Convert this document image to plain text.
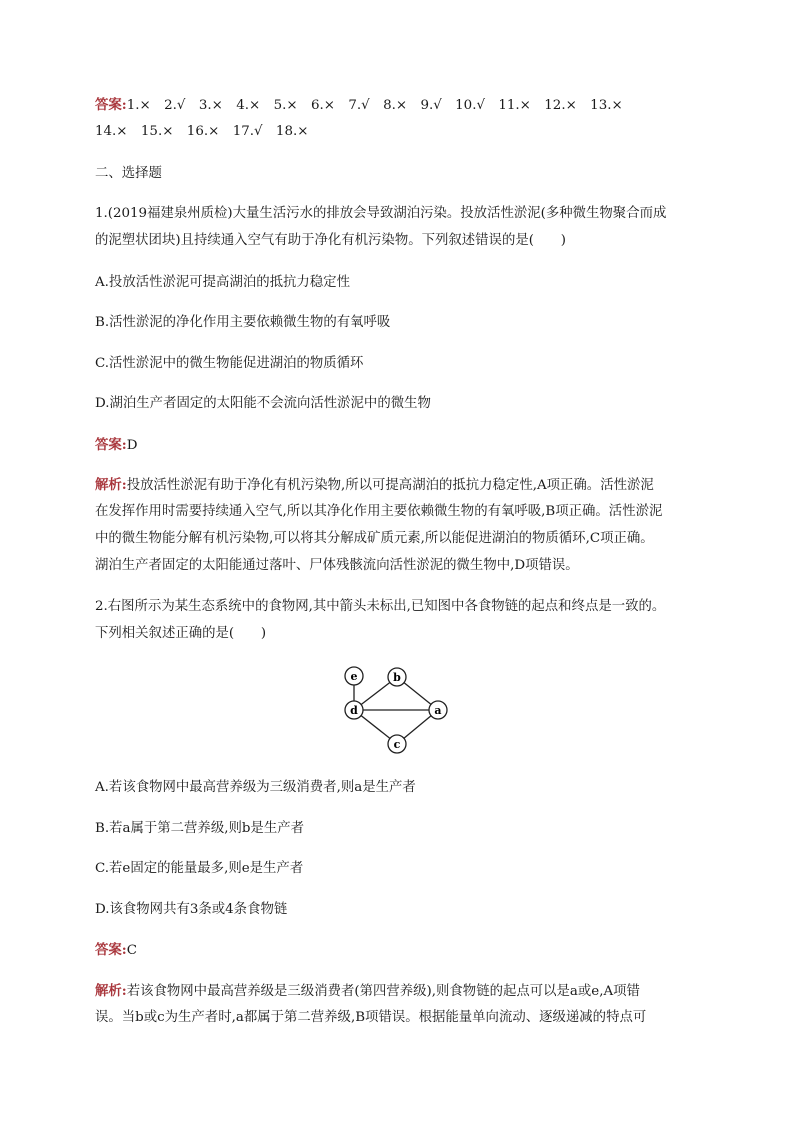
答案:1.×　2.√　3.×　4.×　5.×　6.×　7.√　8.×　9.√　10.√　11.×　12.×　13.×
14.×　15.×　16.×　17.√　18.×
二、选择题
1.(2019福建泉州质检)大量生活污水的排放会导致湖泊污染。投放活性淤泥(多种微生物聚合而成
的泥塑状团块)且持续通入空气有助于净化有机污染物。下列叙述错误的是(　　)
A.投放活性淤泥可提高湖泊的抵抗力稳定性
B.活性淤泥的净化作用主要依赖微生物的有氧呼吸
C.活性淤泥中的微生物能促进湖泊的物质循环
D.湖泊生产者固定的太阳能不会流向活性淤泥中的微生物
答案:D
解析:投放活性淤泥有助于净化有机污染物,所以可提高湖泊的抵抗力稳定性,A项正确。活性淤泥
在发挥作用时需要持续通入空气,所以其净化作用主要依赖微生物的有氧呼吸,B项正确。活性淤泥
中的微生物能分解有机污染物,可以将其分解成矿质元素,所以能促进湖泊的物质循环,C项正确。
湖泊生产者固定的太阳能通过落叶、尸体残骸流向活性淤泥的微生物中,D项错误。
2.右图所示为某生态系统中的食物网,其中箭头未标出,已知图中各食物链的起点和终点是一致的。
下列相关叙述正确的是(　　)
e	b
d	a
c
A.若该食物网中最高营养级为三级消费者,则a是生产者
B.若a属于第二营养级,则b是生产者
C.若e固定的能量最多,则e是生产者
D.该食物网共有3条或4条食物链
答案:C
解析:若该食物网中最高营养级是三级消费者(第四营养级),则食物链的起点可以是a或e,A项错
误。当b或c为生产者时,a都属于第二营养级,B项错误。根据能量单向流动、逐级递减的特点可
